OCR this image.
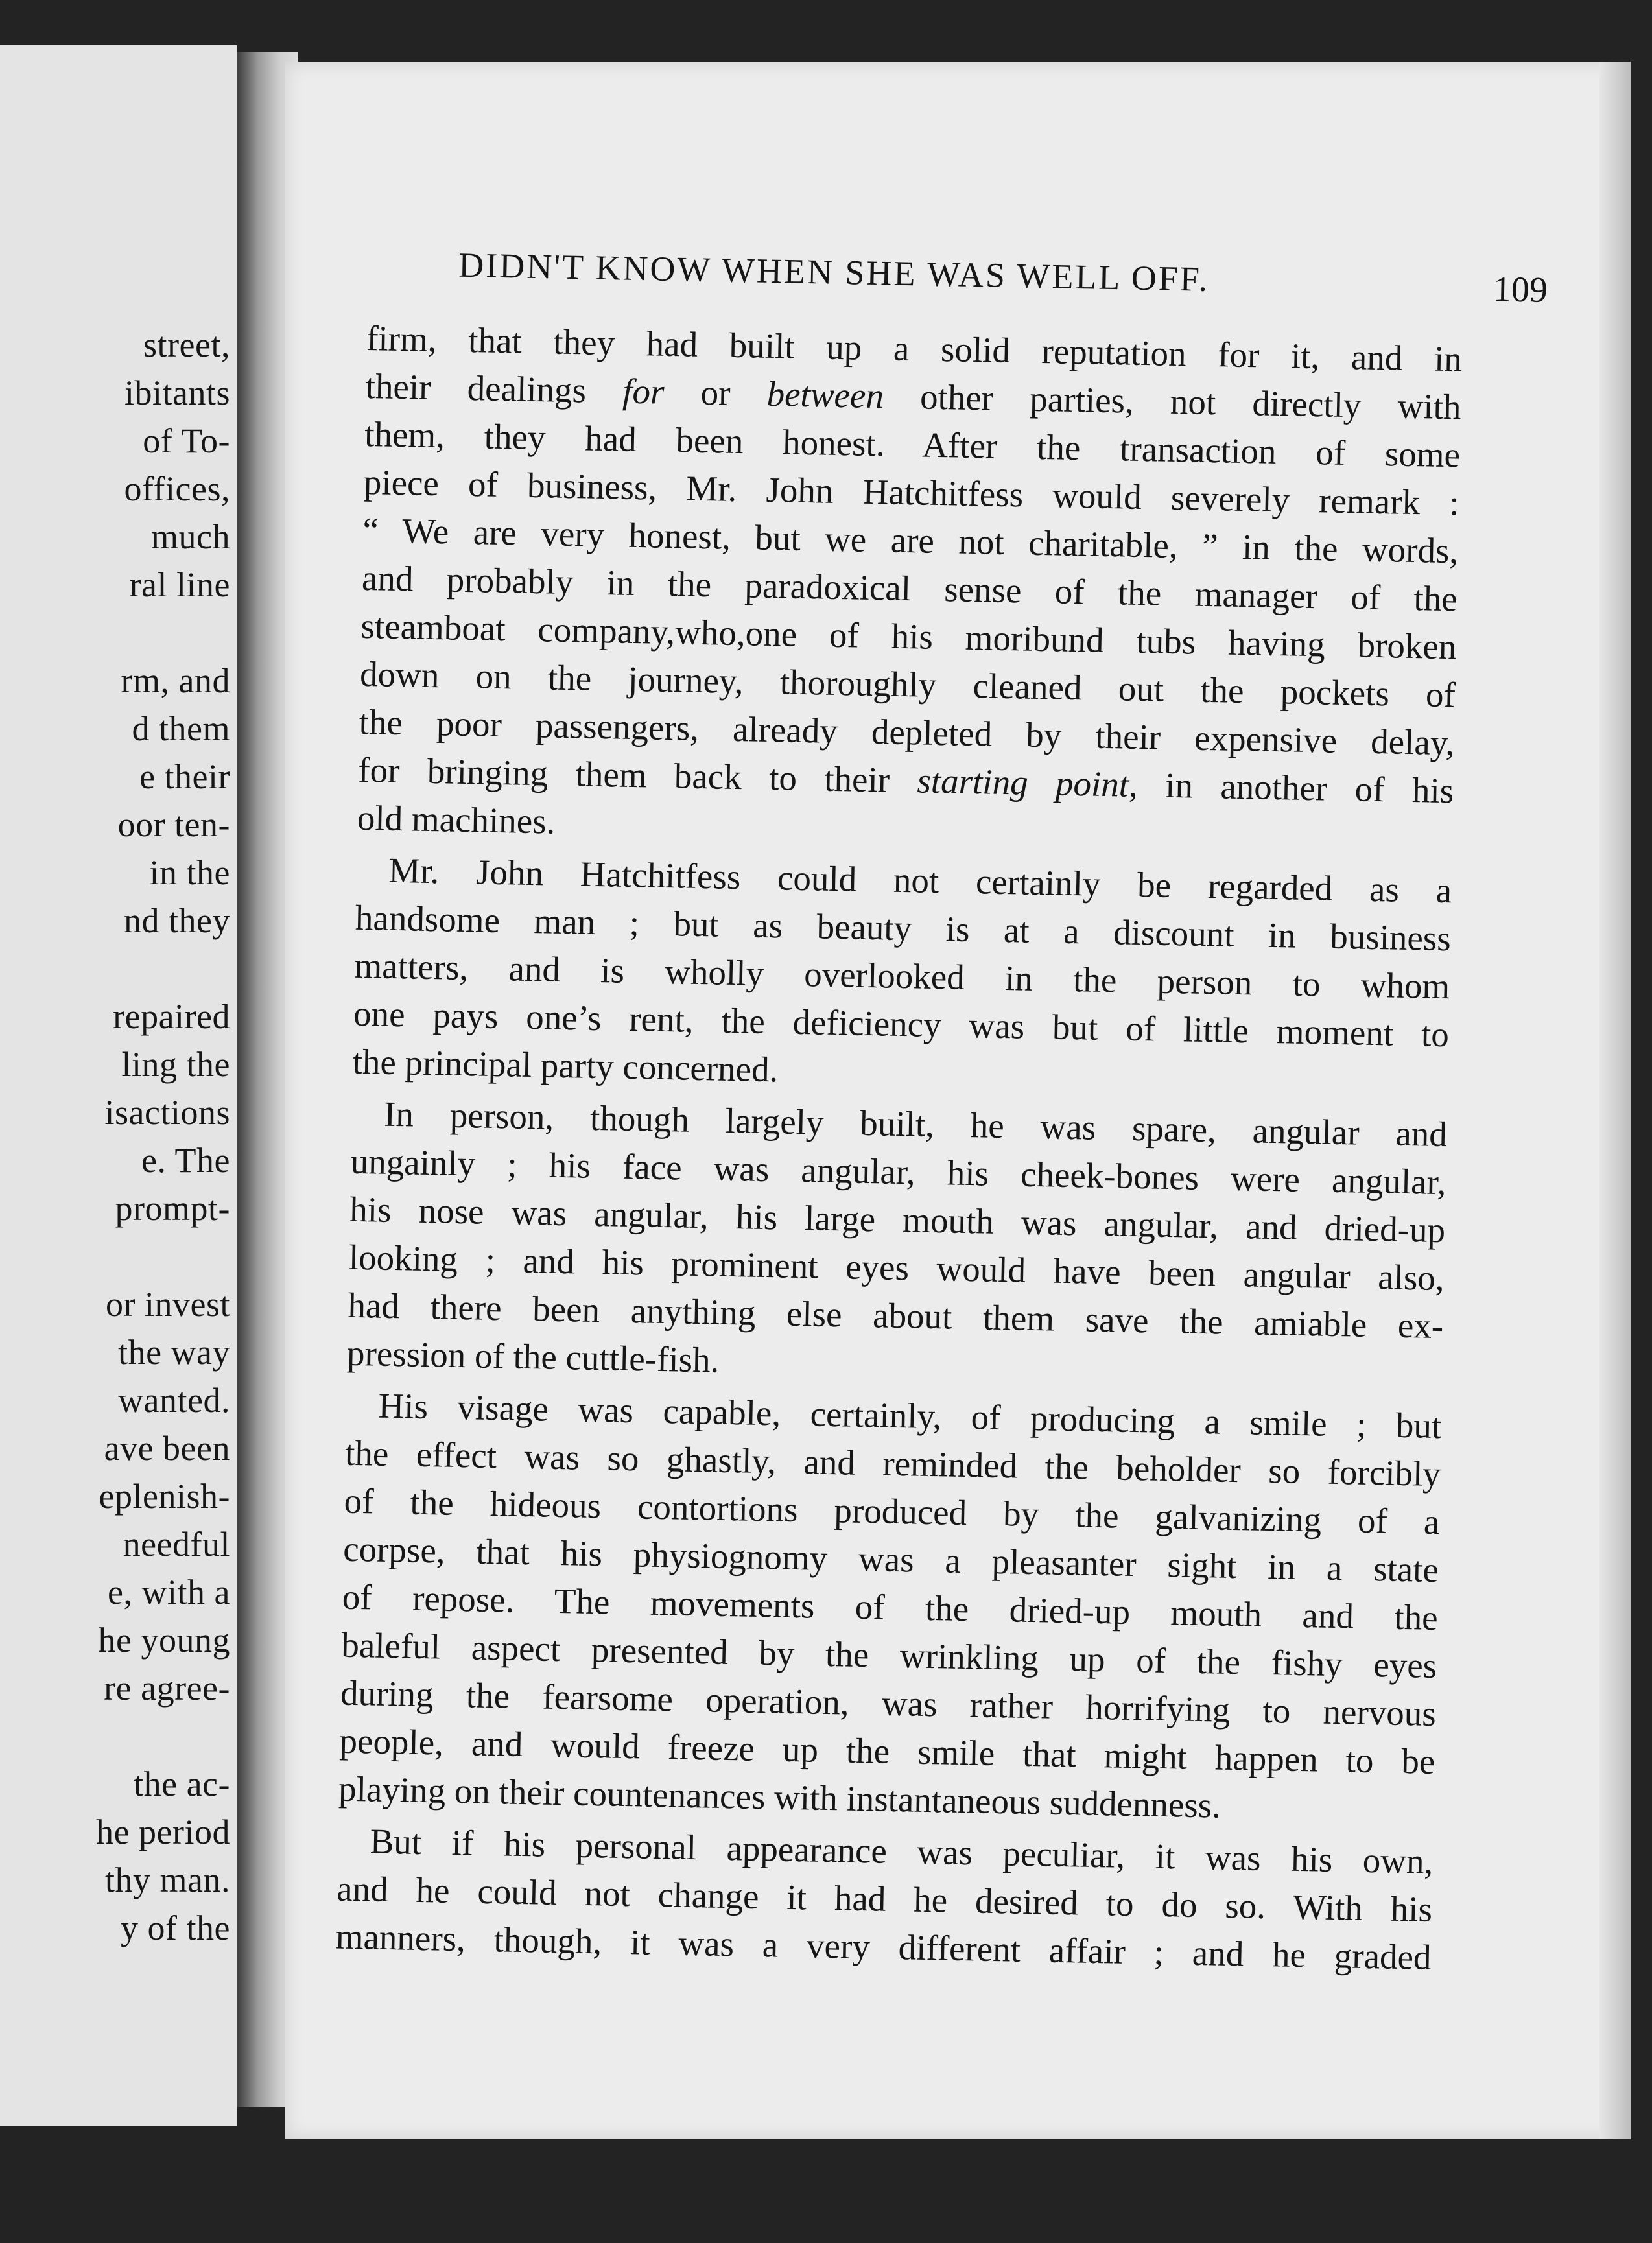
street,
ibitants
of To-
offices,
much
ral line
rm, and
d them
e their
oor ten-
in the
nd they
repaired
ling the
isactions
e. The
prompt-
or invest
the way
wanted.
ave been
eplenish-
needful
e, with a
he young
re agree-
the ac-
he period
thy man.
y of the
DIDN'T KNOW WHEN SHE WAS WELL OFF.	109
firm, that they had built up a solid reputation for it, and in
their dealings for or between other parties, not directly with
them, they had been honest. After the transaction of some
piece of business, Mr. John Hatchitfess would severely remark :
“ We are very honest, but we are not charitable, ” in the words,
and probably in the paradoxical sense of the manager of the
steamboat company,who,one of his moribund tubs having broken
down on the journey, thoroughly cleaned out the pockets of
the poor passengers, already depleted by their expensive delay,
for bringing them back to their starting point, in another of his
old machines.
Mr. John Hatchitfess could not certainly be regarded as a
handsome man ; but as beauty is at a discount in business
matters, and is wholly overlooked in the person to whom
one pays one’s rent, the deficiency was but of little moment to
the principal party concerned.
In person, though largely built, he was spare, angular and
ungainly ; his face was angular, his cheek-bones were angular,
his nose was angular, his large mouth was angular, and dried-up
looking ; and his prominent eyes would have been angular also,
had there been anything else about them save the amiable ex-
pression of the cuttle-fish.
His visage was capable, certainly, of producing a smile ; but
the effect was so ghastly, and reminded the beholder so forcibly
of the hideous contortions produced by the galvanizing of a
corpse, that his physiognomy was a pleasanter sight in a state
of repose. The movements of the dried-up mouth and the
baleful aspect presented by the wrinkling up of the fishy eyes
during the fearsome operation, was rather horrifying to nervous
people, and would freeze up the smile that might happen to be
playing on their countenances with instantaneous suddenness.
But if his personal appearance was peculiar, it was his own,
and he could not change it had he desired to do so. With his
manners, though, it was a very different affair ; and he graded
